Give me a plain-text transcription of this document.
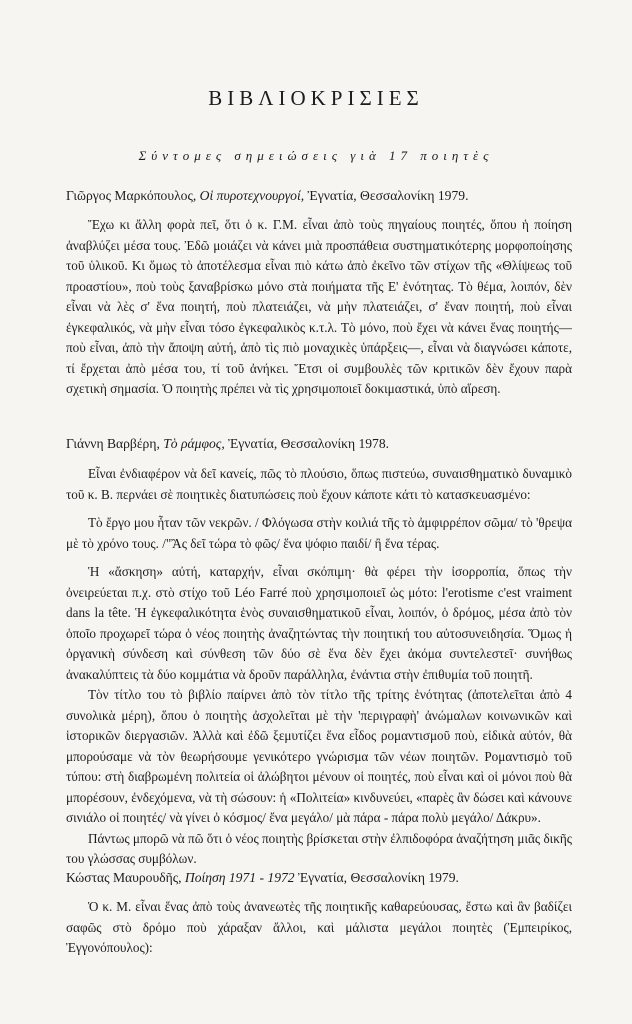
ΒΙΒΛΙΟΚΡΙΣΙΕΣ
Σύντομες σημειώσεις γιὰ 17 ποιητὲς
Γιῶργος Μαρκόπουλος, Οἱ πυροτεχνουργοί, Ἐγνατία, Θεσσαλονίκη 1979.

Ἔχω κι ἄλλη φορὰ πεῖ, ὅτι ὁ κ. Γ.Μ. εἶναι ἀπὸ τοὺς πηγαίους ποιητές, ὅπου ἡ ποίηση ἀναβλύζει μέσα τους. Ἐδῶ μοιάζει νὰ κάνει μιὰ προσπάθεια συστηματικότερης μορφοποίησης τοῦ ὑλικοῦ. Κι ὅμως τὸ ἀποτέλεσμα εἶναι πιὸ κάτω ἀπὸ ἐκεῖνο τῶν στίχων τῆς «Θλίψεως τοῦ προαστίου», ποὺ τοὺς ξαναβρίσκω μόνο στὰ ποιήματα τῆς Ε' ἑνότητας. Τὸ θέμα, λοιπόν, δὲν εἶναι νὰ λὲς σ' ἕνα ποιητή, ποὺ πλατειάζει, νὰ μὴν πλατειάζει, σ' ἕναν ποιητή, ποὺ εἶναι ἐγκεφαλικός, νὰ μὴν εἶναι τόσο ἐγκεφαλικὸς κ.τ.λ. Τὸ μόνο, ποὺ ἔχει νὰ κάνει ἕνας ποιητής—ποὺ εἶναι, ἀπὸ τὴν ἄποψη αὐτή, ἀπὸ τὶς πιὸ μοναχικὲς ὑπάρξεις—, εἶναι νὰ διαγνώσει κάποτε, τί ἔρχεται ἀπὸ μέσα του, τί τοῦ ἀνήκει. Ἔτσι οἱ συμβουλὲς τῶν κριτικῶν δὲν ἔχουν παρὰ σχετικὴ σημασία. Ὁ ποιητὴς πρέπει νὰ τὶς χρησιμοποιεῖ δοκιμαστικά, ὑπὸ αἵρεση.

Γιάννη Βαρβέρη, Τὸ ράμφος, Ἐγνατία, Θεσσαλονίκη 1978.

Εἶναι ἐνδιαφέρον νὰ δεῖ κανείς, πῶς τὸ πλούσιο, ὅπως πιστεύω, συναισθηματικὸ δυναμικὸ τοῦ κ. Β. περνάει σὲ ποιητικὲς διατυπώσεις ποὺ ἔχουν κάποτε κάτι τὸ κατασκευασμένο:

Τὸ ἔργο μου ἦταν τῶν νεκρῶν. / Φλόγωσα στὴν κοιλιά τῆς τὸ ἀμφιρρέπον σῶμα/ τὸ 'θρεψα μὲ τὸ χρόνο τους. /"Ἂς δεῖ τώρα τὸ φῶς/ ἕνα ψόφιο παιδί/ ἢ ἕνα τέρας.

Ἡ «ἄσκηση» αὐτή, καταρχήν, εἶναι σκόπιμη· θὰ φέρει τὴν ἰσορροπία, ὅπως τὴν ὀνειρεύεται π.χ. στὸ στίχο τοῦ Léo Farré ποὺ χρησιμοποιεῖ ὡς μότο: l'erotisme c'est vraiment dans la tête. Ἡ ἐγκεφαλικότητα ἑνὸς συναισθηματικοῦ εἶναι, λοιπόν, ὁ δρόμος, μέσα ἀπὸ τὸν ὁποῖο προχωρεῖ τώρα ὁ νέος ποιητὴς ἀναζητώντας τὴν ποιητική του αὐτοσυνειδησία. Ὅμως ἡ ὀργανικὴ σύνδεση καὶ σύνθεση τῶν δύο σὲ ἕνα δὲν ἔχει ἀκόμα συντελεστεῖ· συνήθως ἀνακαλύπτεις τὰ δύο κομμάτια νὰ δροῦν παράλληλα, ἐνάντια στὴν ἐπιθυμία τοῦ ποιητῆ.

Τὸν τίτλο του τὸ βιβλίο παίρνει ἀπὸ τὸν τίτλο τῆς τρίτης ἑνότητας (ἀποτελεῖται ἀπὸ 4 συνολικὰ μέρη), ὅπου ὁ ποιητὴς ἀσχολεῖται μὲ τὴν 'περιγραφὴ' ἀνώμαλων κοινωνικῶν καὶ ἱστορικῶν διεργασιῶν. Ἀλλὰ καὶ ἐδῶ ξεμυτίζει ἕνα εἶδος ρομαντισμοῦ ποὺ, εἰδικὰ αὐτόν, θὰ μπορούσαμε νὰ τὸν θεωρήσουμε γενικότερο γνώρισμα τῶν νέων ποιητῶν. Ρομαντισμὸ τοῦ τύπου: στὴ διαβρωμένη πολιτεία οἱ ἀλώβητοι μένουν οἱ ποιητές, ποὺ εἶναι καὶ οἱ μόνοι ποὺ θὰ μπορέσουν, ἐνδεχόμενα, νὰ τὴ σώσουν: ἡ «Πολιτεία» κινδυνεύει, «παρὲς ἂν δώσει καὶ κάνουνε σινιάλο οἱ ποιητές/ νὰ γίνει ὁ κόσμος/ ἔνα μεγάλο/ μὰ πάρα - πάρα πολὺ μεγάλο/ Δάκρυ».

Πάντως μπορῶ νὰ πῶ ὅτι ὁ νέος ποιητὴς βρίσκεται στὴν ἐλπιδοφόρα ἀναζήτηση μιᾶς δικῆς του γλώσσας συμβόλων.

Κώστας Μαυρουδῆς, Ποίηση 1971 - 1972 Ἐγνατία, Θεσσαλονίκη 1979.

Ὁ κ. Μ. εἶναι ἕνας ἀπὸ τοὺς ἀνανεωτὲς τῆς ποιητικῆς καθαρεύουσας, ἔστω καὶ ἂν βαδίζει σαφῶς στὸ δρόμο ποὺ χάραξαν ἄλλοι, καὶ μάλιστα μεγάλοι ποιητὲς (Ἐμπειρίκος, Ἐγγονόπουλος):
